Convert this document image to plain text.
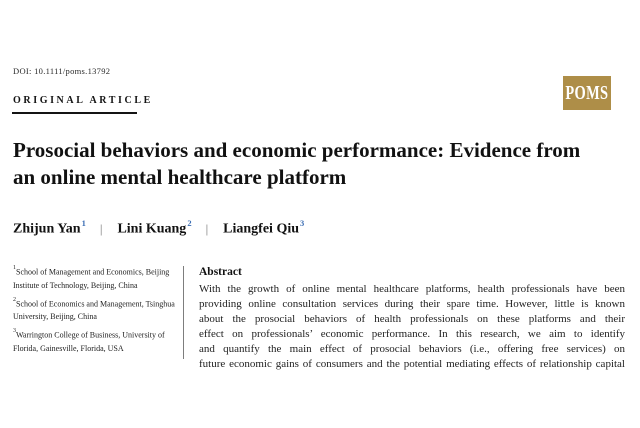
DOI: 10.1111/poms.13792
POMS
ORIGINAL ARTICLE
Prosocial behaviors and economic performance: Evidence from
an online mental healthcare platform
Zhijun Yan$^1$ | Lini Kuang$^2$ | Liangfei Qiu$^3$

$^1$School of Management and Economics, Beijing Institute of Technology, Beijing, China

$^2$School of Economics and Management, Tsinghua University, Beijing, China

$^3$Warrington College of Business, University of Florida, Gainesville, Florida, USA

Abstract
With the growth of online mental healthcare platforms, health professionals have been
providing online consultation services during their spare time. However, little is known
about the prosocial behaviors of health professionals on these platforms and their
effect on professionals’ economic performance. In this research, we aim to identify
and quantify the main effect of prosocial behaviors (i.e., offering free services) on
future economic gains of consumers and the potential mediating effects of relationship capital
